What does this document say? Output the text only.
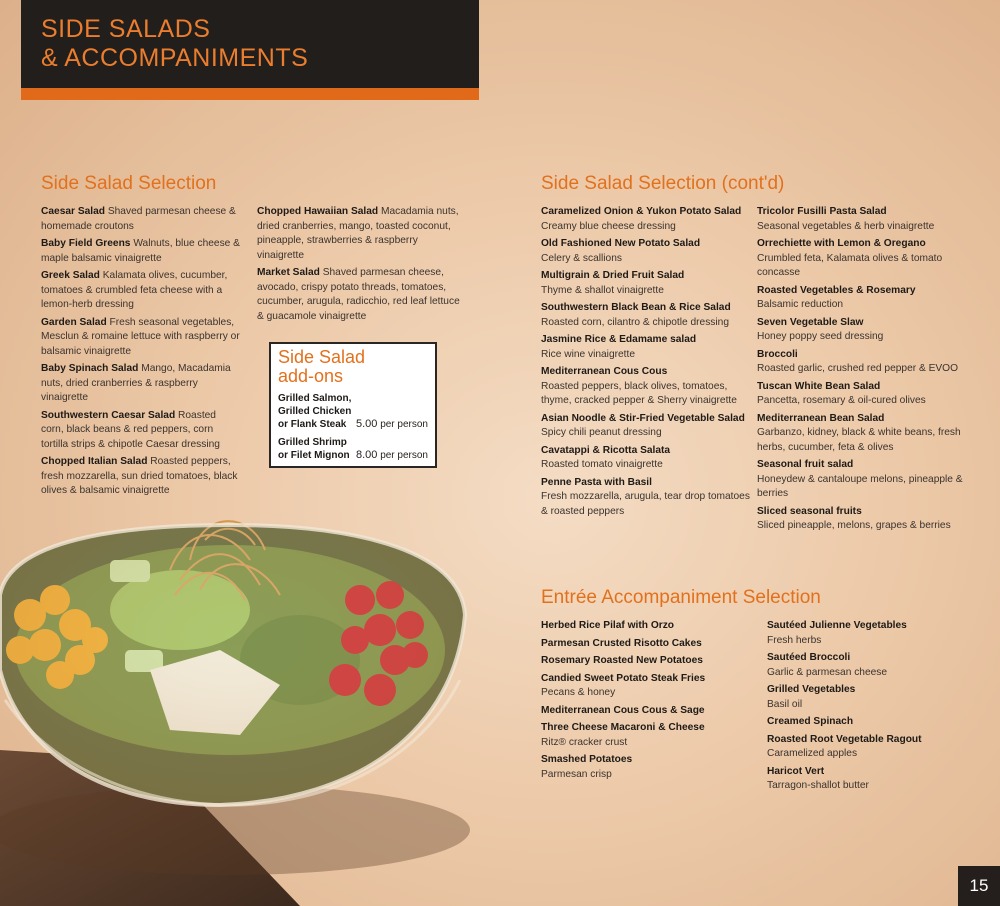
SIDE SALADS
& ACCOMPANIMENTS
Side Salad Selection	Side Salad Selection (cont'd)
Entrée Accompaniment Selection
Caesar Salad Shaved parmesan cheese & homemade croutons
Baby Field Greens Walnuts, blue cheese & maple balsamic vinaigrette
Greek Salad Kalamata olives, cucumber, tomatoes & crumbled feta cheese with a lemon-herb dressing
Garden Salad Fresh seasonal vegetables, Mesclun & romaine lettuce with raspberry or balsamic vinaigrette
Baby Spinach Salad Mango, Macadamia nuts, dried cranberries & raspberry vinaigrette
Southwestern Caesar Salad Roasted corn, black beans & red peppers, corn tortilla strips & chipotle Caesar dressing
Chopped Italian Salad Roasted peppers, fresh mozzarella, sun dried tomatoes, black olives & balsamic vinaigrette
Chopped Hawaiian Salad Macadamia nuts, dried cranberries, mango, toasted coconut, pineapple, strawberries & raspberry vinaigrette
Market Salad Shaved parmesan cheese, avocado, crispy potato threads, tomatoes, cucumber, arugula, radicchio, red leaf lettuce & guacamole vinaigrette
Caramelized Onion & Yukon Potato Salad
Creamy blue cheese dressing
Old Fashioned New Potato Salad
Celery & scallions
Multigrain & Dried Fruit Salad
Thyme & shallot vinaigrette
Southwestern Black Bean & Rice Salad
Roasted corn, cilantro & chipotle dressing
Jasmine Rice & Edamame salad
Rice wine vinaigrette
Mediterranean Cous Cous
Roasted peppers, black olives, tomatoes, thyme, cracked pepper & Sherry vinaigrette
Asian Noodle & Stir-Fried Vegetable Salad
Spicy chili peanut dressing
Cavatappi & Ricotta Salata
Roasted tomato vinaigrette
Penne Pasta with Basil
Fresh mozzarella, arugula, tear drop tomatoes & roasted peppers
Tricolor Fusilli Pasta Salad
Seasonal vegetables & herb vinaigrette
Orrechiette with Lemon & Oregano
Crumbled feta, Kalamata olives & tomato concasse
Roasted Vegetables & Rosemary
Balsamic reduction
Seven Vegetable Slaw
Honey poppy seed dressing
Broccoli
Roasted garlic, crushed red pepper & EVOO
Tuscan White Bean Salad
Pancetta, rosemary & oil-cured olives
Mediterranean Bean Salad
Garbanzo, kidney, black & white beans, fresh herbs, cucumber, feta & olives
Seasonal fruit salad
Honeydew & cantaloupe melons, pineapple & berries
Sliced seasonal fruits
Sliced pineapple, melons, grapes & berries
Herbed Rice Pilaf with Orzo
Parmesan Crusted Risotto Cakes
Rosemary Roasted New Potatoes
Candied Sweet Potato Steak Fries
Pecans & honey
Mediterranean Cous Cous & Sage
Three Cheese Macaroni & Cheese
Ritz® cracker crust
Smashed Potatoes
Parmesan crisp
Sautéed Julienne Vegetables
Fresh herbs
Sautéed Broccoli
Garlic & parmesan cheese
Grilled Vegetables
Basil oil
Creamed Spinach
Roasted Root Vegetable Ragout
Caramelized apples
Haricot Vert
Tarragon-shallot butter
Side Salad
add-ons
Grilled Salmon,
Grilled Chicken
or Flank Steak 5.00 per person
Grilled Shrimp
or Filet Mignon 8.00 per person
15
